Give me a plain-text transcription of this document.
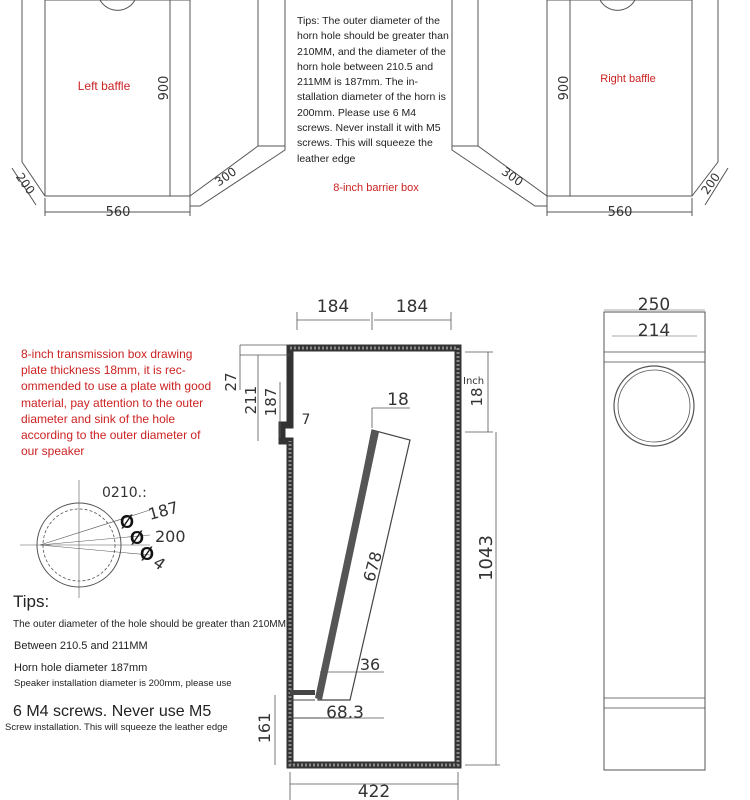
560
900
200	300
Left baffle
560
900
200
300
Right baffle
8-inch barrier box
184	184
27
211 187
7
18
678
36
68.3
161
422
1043
Inch
18
250
214
187
200
4
Ø
Ø
Ø
0210.:
Tips: The outer diameter of the horn hole should be greater than 210MM, and the diameter of the horn hole between 210.5 and 211MM is 187mm. The in-stallation diameter of the horn is 200mm. Please use 6 M4 screws. Never install it with M5 screws. This will squeeze the leather edge
8-inch transmission box drawing plate thickness 18mm, it is rec-ommended to use a plate with good material, pay attention to the outer diameter and sink of the hole according to the outer diameter of our speaker
Tips:
The outer diameter of the hole should be greater than 210MM,
Between 210.5 and 211MM
Horn hole diameter 187mm
Speaker installation diameter is 200mm, please use
6 M4 screws. Never use M5
Screw installation. This will squeeze the leather edge
